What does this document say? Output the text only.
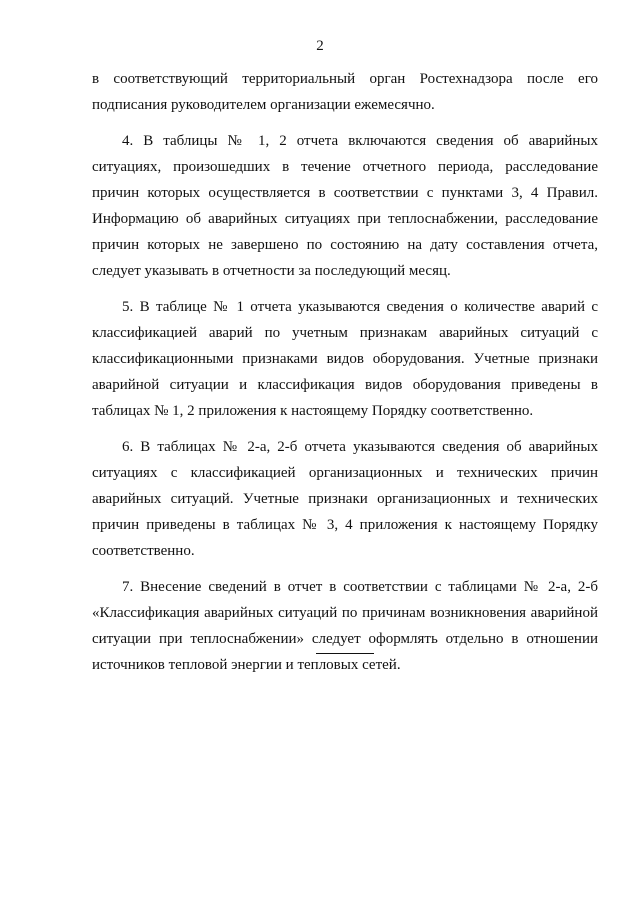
2

в соответствующий территориальный орган Ростехнадзора после его подписания руководителем организации ежемесячно.

4. В таблицы № 1, 2 отчета включаются сведения об аварийных ситуациях, произошедших в течение отчетного периода, расследование причин которых осуществляется в соответствии с пунктами 3, 4 Правил. Информацию об аварийных ситуациях при теплоснабжении, расследование причин которых не завершено по состоянию на дату составления отчета, следует указывать в отчетности за последующий месяц.

5. В таблице № 1 отчета указываются сведения о количестве аварий с классификацией аварий по учетным признакам аварийных ситуаций с классификационными признаками видов оборудования. Учетные признаки аварийной ситуации и классификация видов оборудования приведены в таблицах № 1, 2 приложения к настоящему Порядку соответственно.

6. В таблицах № 2-а, 2-б отчета указываются сведения об аварийных ситуациях с классификацией организационных и технических причин аварийных ситуаций. Учетные признаки организационных и технических причин приведены в таблицах № 3, 4 приложения к настоящему Порядку соответственно.

7. Внесение сведений в отчет в соответствии с таблицами № 2-а, 2-б «Классификация аварийных ситуаций по причинам возникновения аварийной ситуации при теплоснабжении» следует оформлять отдельно в отношении источников тепловой энергии и тепловых сетей.
